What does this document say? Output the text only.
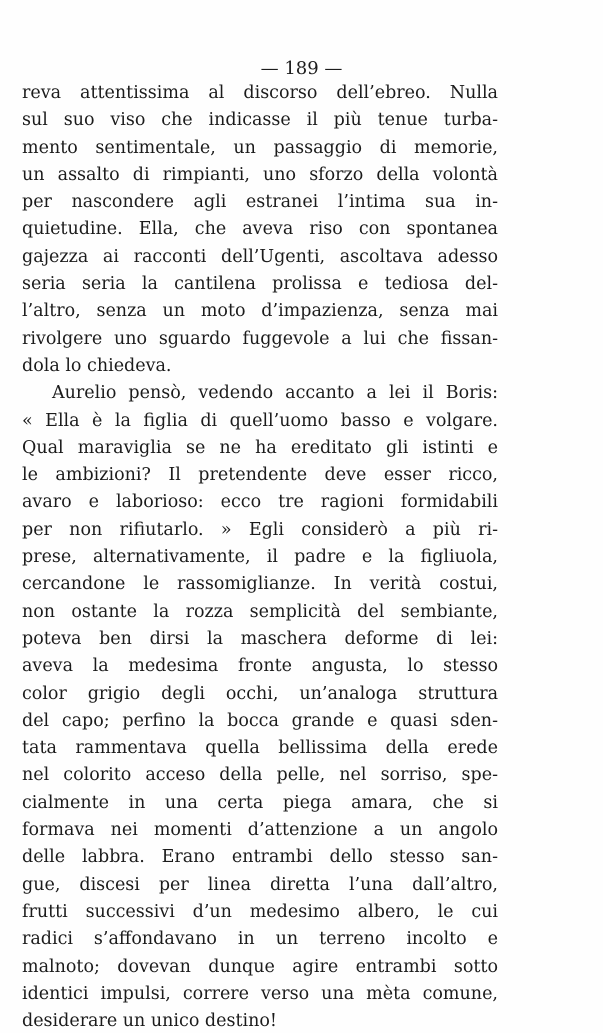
— 189 —

reva attentissima al discorso dell’ebreo. Nulla
sul suo viso che indicasse il più tenue turba-
mento sentimentale, un passaggio di memorie,
un assalto di rimpianti, uno sforzo della volontà
per nascondere agli estranei l’intima sua in-
quietudine. Ella, che aveva riso con spontanea
gajezza ai racconti dell’Ugenti, ascoltava adesso
seria seria la cantilena prolissa e tediosa del-
l’altro, senza un moto d’impazienza, senza mai
rivolgere uno sguardo fuggevole a lui che fissan-
dola lo chiedeva.
Aurelio pensò, vedendo accanto a lei il Boris:
« Ella è la figlia di quell’uomo basso e volgare.
Qual maraviglia se ne ha ereditato gli istinti e
le ambizioni? Il pretendente deve esser ricco,
avaro e laborioso: ecco tre ragioni formidabili
per non rifiutarlo. » Egli considerò a più ri-
prese, alternativamente, il padre e la figliuola,
cercandone le rassomiglianze. In verità costui,
non ostante la rozza semplicità del sembiante,
poteva ben dirsi la maschera deforme di lei:
aveva la medesima fronte angusta, lo stesso
color grigio degli occhi, un’analoga struttura
del capo; perfino la bocca grande e quasi sden-
tata rammentava quella bellissima della erede
nel colorito acceso della pelle, nel sorriso, spe-
cialmente in una certa piega amara, che si
formava nei momenti d’attenzione a un angolo
delle labbra. Erano entrambi dello stesso san-
gue, discesi per linea diretta l’una dall’altro,
frutti successivi d’un medesimo albero, le cui
radici s’affondavano in un terreno incolto e
malnoto; dovevan dunque agire entrambi sotto
identici impulsi, correre verso una mèta comune,
desiderare un unico destino!
